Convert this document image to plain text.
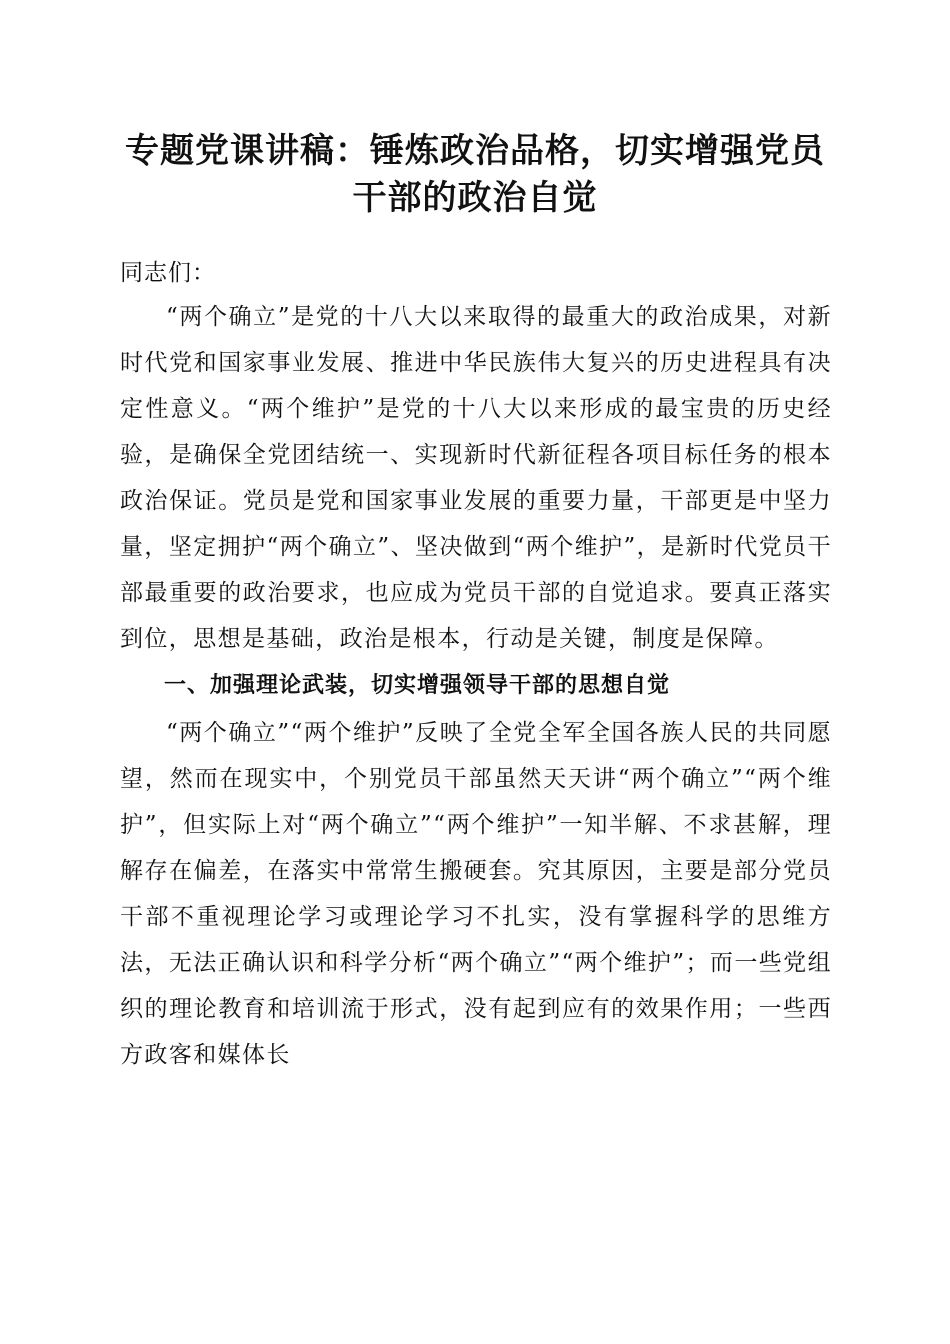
专题党课讲稿：锤炼政治品格，切实增强党员
干部的政治自觉

同志们：

“两个确立”是党的十八大以来取得的最重大的政治成果，对新时代党和国家事业发展、推进中华民族伟大复兴的历史进程具有决定性意义。“两个维护”是党的十八大以来形成的最宝贵的历史经验，是确保全党团结统一、实现新时代新征程各项目标任务的根本政治保证。党员是党和国家事业发展的重要力量，干部更是中坚力量，坚定拥护“两个确立”、坚决做到“两个维护”，是新时代党员干部最重要的政治要求，也应成为党员干部的自觉追求。要真正落实到位，思想是基础，政治是根本，行动是关键，制度是保障。

一、加强理论武装，切实增强领导干部的思想自觉

“两个确立”“两个维护”反映了全党全军全国各族人民的共同愿望，然而在现实中，个别党员干部虽然天天讲“两个确立”“两个维护”，但实际上对“两个确立”“两个维护”一知半解、不求甚解，理解存在偏差，在落实中常常生搬硬套。究其原因，主要是部分党员干部不重视理论学习或理论学习不扎实，没有掌握科学的思维方法，无法正确认识和科学分析“两个确立”“两个维护”；而一些党组织的理论教育和培训流于形式，没有起到应有的效果作用；一些西方政客和媒体长
